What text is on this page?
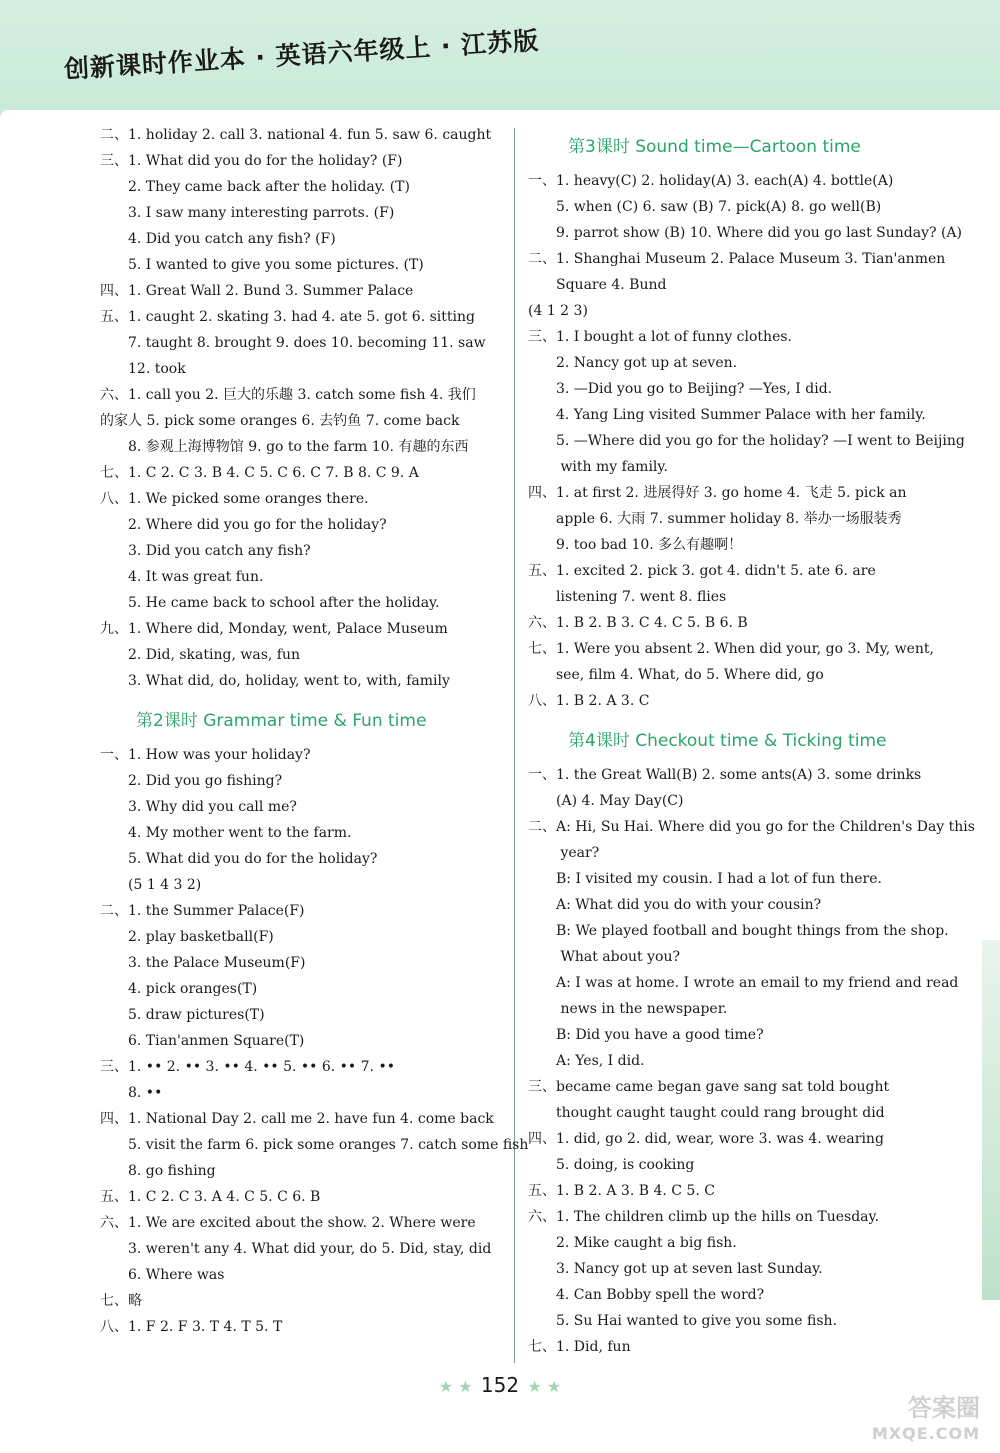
创新课时作业本 · 英语六年级上 · 江苏版
二、1. holiday 2. call 3. national 4. fun 5. saw 6. caught
三、1. What did you do for the holiday? (F)
2. They came back after the holiday. (T)
3. I saw many interesting parrots. (F)
4. Did you catch any fish? (F)
5. I wanted to give you some pictures. (T)
四、1. Great Wall 2. Bund 3. Summer Palace
五、1. caught 2. skating 3. had 4. ate 5. got 6. sitting
7. taught 8. brought 9. does 10. becoming 11. saw
12. took
六、1. call you 2. 巨大的乐趣 3. catch some fish 4. 我们
的家人 5. pick some oranges 6. 去钓鱼 7. come back
8. 参观上海博物馆 9. go to the farm 10. 有趣的东西
七、1. C 2. C 3. B 4. C 5. C 6. C 7. B 8. C 9. A
八、1. We picked some oranges there.
2. Where did you go for the holiday?
3. Did you catch any fish?
4. It was great fun.
5. He came back to school after the holiday.
九、1. Where did, Monday, went, Palace Museum
2. Did, skating, was, fun
3. What did, do, holiday, went to, with, family
第2课时 Grammar time & Fun time
一、1. How was your holiday?
2. Did you go fishing?
3. Why did you call me?
4. My mother went to the farm.
5. What did you do for the holiday?
(5 1 4 3 2)
二、1. the Summer Palace(F)
2. play basketball(F)
3. the Palace Museum(F)
4. pick oranges(T)
5. draw pictures(T)
6. Tian'anmen Square(T)
三、1. •• 2. •• 3. •• 4. •• 5. •• 6. •• 7. ••
8. ••
四、1. National Day 2. call me 2. have fun 4. come back
5. visit the farm 6. pick some oranges 7. catch some fish
8. go fishing
五、1. C 2. C 3. A 4. C 5. C 6. B
六、1. We are excited about the show. 2. Where were
3. weren't any 4. What did your, do 5. Did, stay, did
6. Where was
七、略
八、1. F 2. F 3. T 4. T 5. T
第3课时 Sound time—Cartoon time
一、1. heavy(C) 2. holiday(A) 3. each(A) 4. bottle(A)
5. when (C) 6. saw (B) 7. pick(A) 8. go well(B)
9. parrot show (B) 10. Where did you go last Sunday? (A)
二、1. Shanghai Museum 2. Palace Museum 3. Tian'anmen
Square 4. Bund
(4 1 2 3)
三、1. I bought a lot of funny clothes.
2. Nancy got up at seven.
3. —Did you go to Beijing? —Yes, I did.
4. Yang Ling visited Summer Palace with her family.
5. —Where did you go for the holiday? —I went to Beijing
with my family.
四、1. at first 2. 进展得好 3. go home 4. 飞走 5. pick an
apple 6. 大雨 7. summer holiday 8. 举办一场服装秀
9. too bad 10. 多么有趣啊！
五、1. excited 2. pick 3. got 4. didn't 5. ate 6. are
listening 7. went 8. flies
六、1. B 2. B 3. C 4. C 5. B 6. B
七、1. Were you absent 2. When did your, go 3. My, went,
see, film 4. What, do 5. Where did, go
八、1. B 2. A 3. C
第4课时 Checkout time & Ticking time
一、1. the Great Wall(B) 2. some ants(A) 3. some drinks
(A) 4. May Day(C)
二、A: Hi, Su Hai. Where did you go for the Children's Day this
year?
B: I visited my cousin. I had a lot of fun there.
A: What did you do with your cousin?
B: We played football and bought things from the shop.
What about you?
A: I was at home. I wrote an email to my friend and read
news in the newspaper.
B: Did you have a good time?
A: Yes, I did.
三、became came began gave sang sat told bought
thought caught taught could rang brought did
四、1. did, go 2. did, wear, wore 3. was 4. wearing
5. doing, is cooking
五、1. B 2. A 3. B 4. C 5. C
六、1. The children climb up the hills on Tuesday.
2. Mike caught a big fish.
3. Nancy got up at seven last Sunday.
4. Can Bobby spell the word?
5. Su Hai wanted to give you some fish.
七、1. Did, fun
★ ★ 152 ★ ★
答案圈
MXQE.COM
